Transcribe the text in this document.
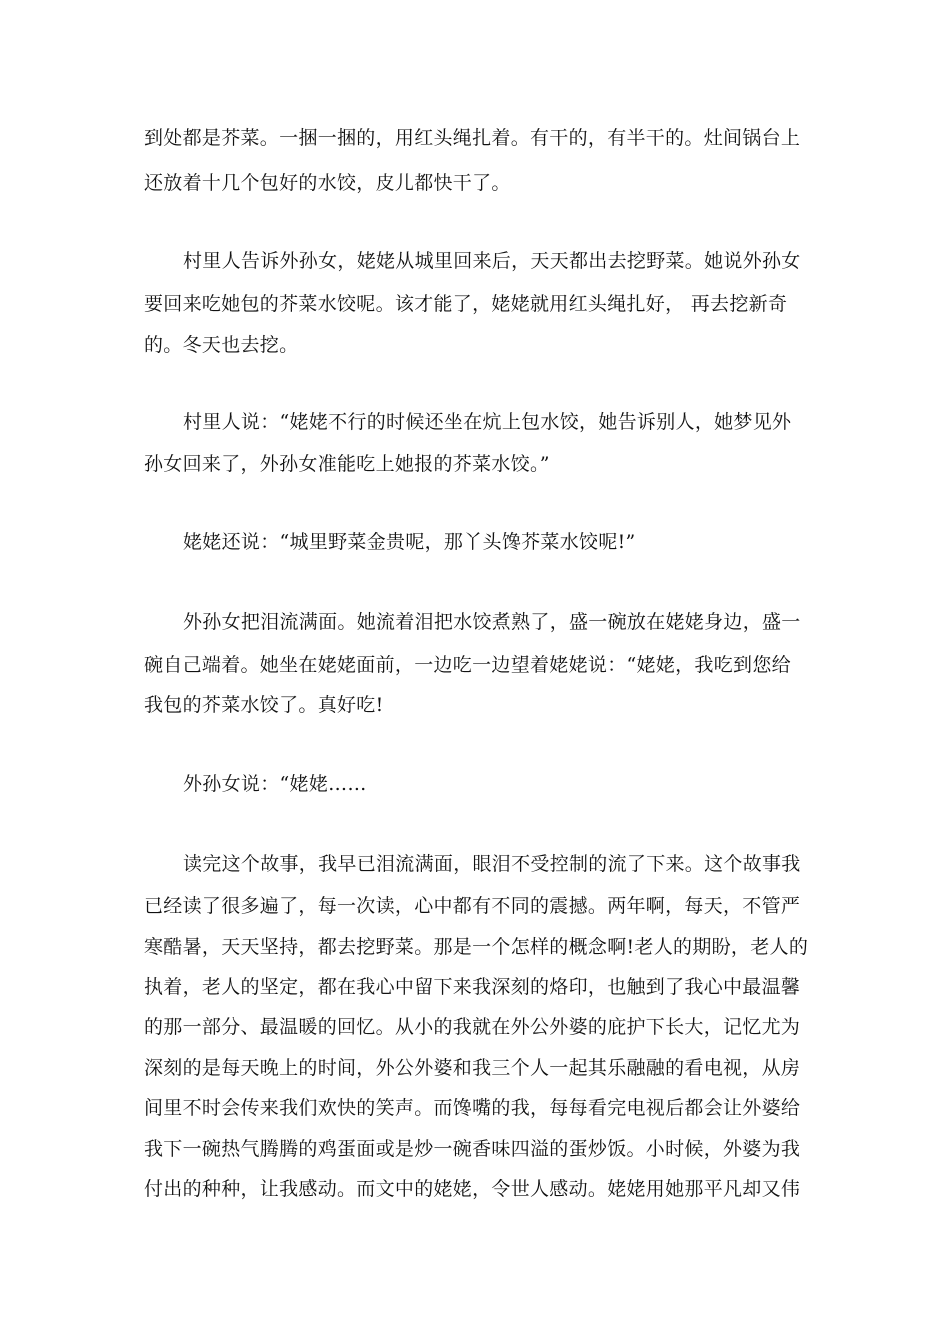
到处都是芥菜。一捆一捆的，用红头绳扎着。有干的，有半干的。灶间锅台上
还放着十几个包好的水饺，皮儿都快干了。
村里人告诉外孙女，姥姥从城里回来后，天天都出去挖野菜。她说外孙女
要回来吃她包的芥菜水饺呢。该才能了，姥姥就用红头绳扎好， 再去挖新奇
的。冬天也去挖。
村里人说：“姥姥不行的时候还坐在炕上包水饺，她告诉别人，她梦见外
孙女回来了，外孙女准能吃上她报的芥菜水饺。”
姥姥还说：“城里野菜金贵呢，那丫头馋芥菜水饺呢!”
外孙女把泪流满面。她流着泪把水饺煮熟了，盛一碗放在姥姥身边，盛一
碗自己端着。她坐在姥姥面前，一边吃一边望着姥姥说：“姥姥，我吃到您给
我包的芥菜水饺了。真好吃!
外孙女说：“姥姥……
读完这个故事，我早已泪流满面，眼泪不受控制的流了下来。这个故事我
已经读了很多遍了，每一次读，心中都有不同的震撼。两年啊，每天，不管严
寒酷暑，天天坚持，都去挖野菜。那是一个怎样的概念啊!老人的期盼，老人的
执着，老人的坚定，都在我心中留下来我深刻的烙印，也触到了我心中最温馨
的那一部分、最温暖的回忆。从小的我就在外公外婆的庇护下长大，记忆尤为
深刻的是每天晚上的时间，外公外婆和我三个人一起其乐融融的看电视，从房
间里不时会传来我们欢快的笑声。而馋嘴的我，每每看完电视后都会让外婆给
我下一碗热气腾腾的鸡蛋面或是炒一碗香味四溢的蛋炒饭。小时候，外婆为我
付出的种种，让我感动。而文中的姥姥，令世人感动。姥姥用她那平凡却又伟
